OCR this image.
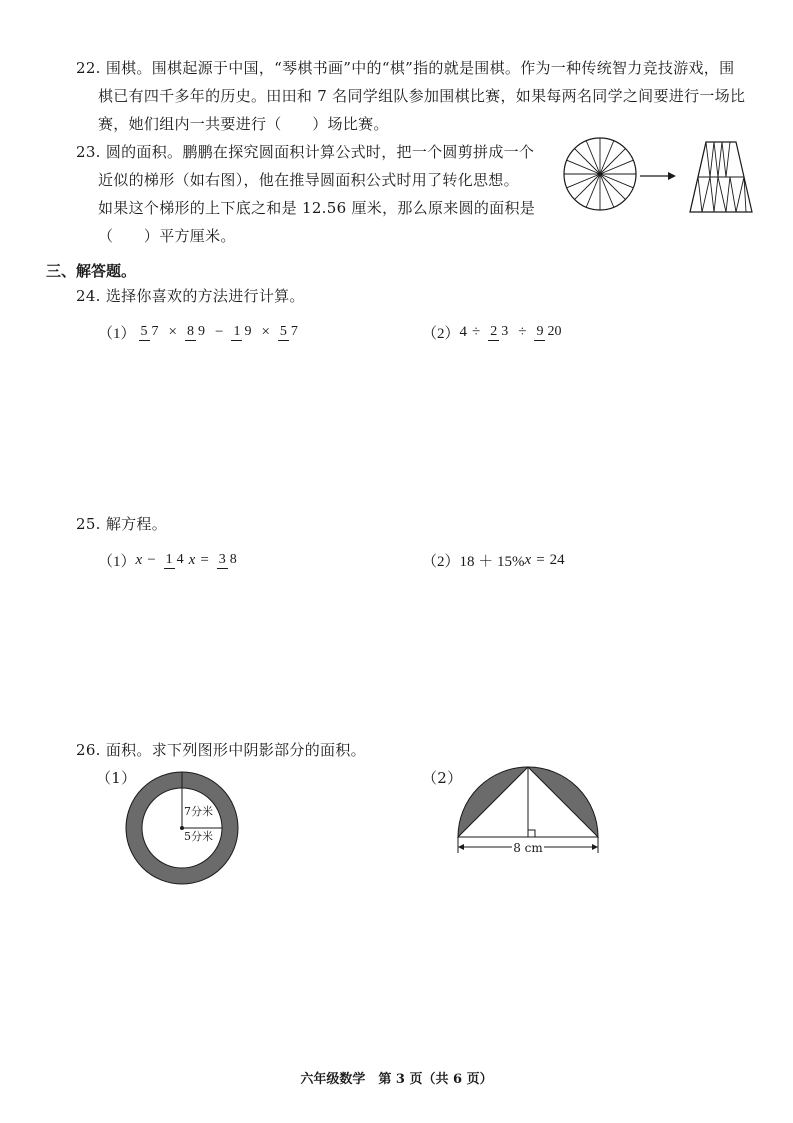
22. 围棋。围棋起源于中国，“琴棋书画”中的“棋”指的就是围棋。作为一种传统智力竞技游戏，围
棋已有四千多年的历史。田田和 7 名同学组队参加围棋比赛，如果每两名同学之间要进行一场比
赛，她们组内一共要进行（　　）场比赛。
23. 圆的面积。鹏鹏在探究圆面积计算公式时，把一个圆剪拼成一个
近似的梯形（如右图），他在推导圆面积公式时用了转化思想。
如果这个梯形的上下底之和是 12.56 厘米，那么原来圆的面积是
（　　）平方厘米。
三、解答题。
24. 选择你喜欢的方法进行计算。
（1） 5 7 × 8 9 − 1 9 × 5 7	（2） 4 ÷ 2 3 ÷ 9 20
25. 解方程。
（1） x − 1 4 x = 3 8	（2） 18 ＋ 15% x = 24
26. 面积。求下列图形中阴影部分的面积。
（1）	（2）
7分米
5分米
8 cm
六年级数学　第 3 页（共 6 页）
